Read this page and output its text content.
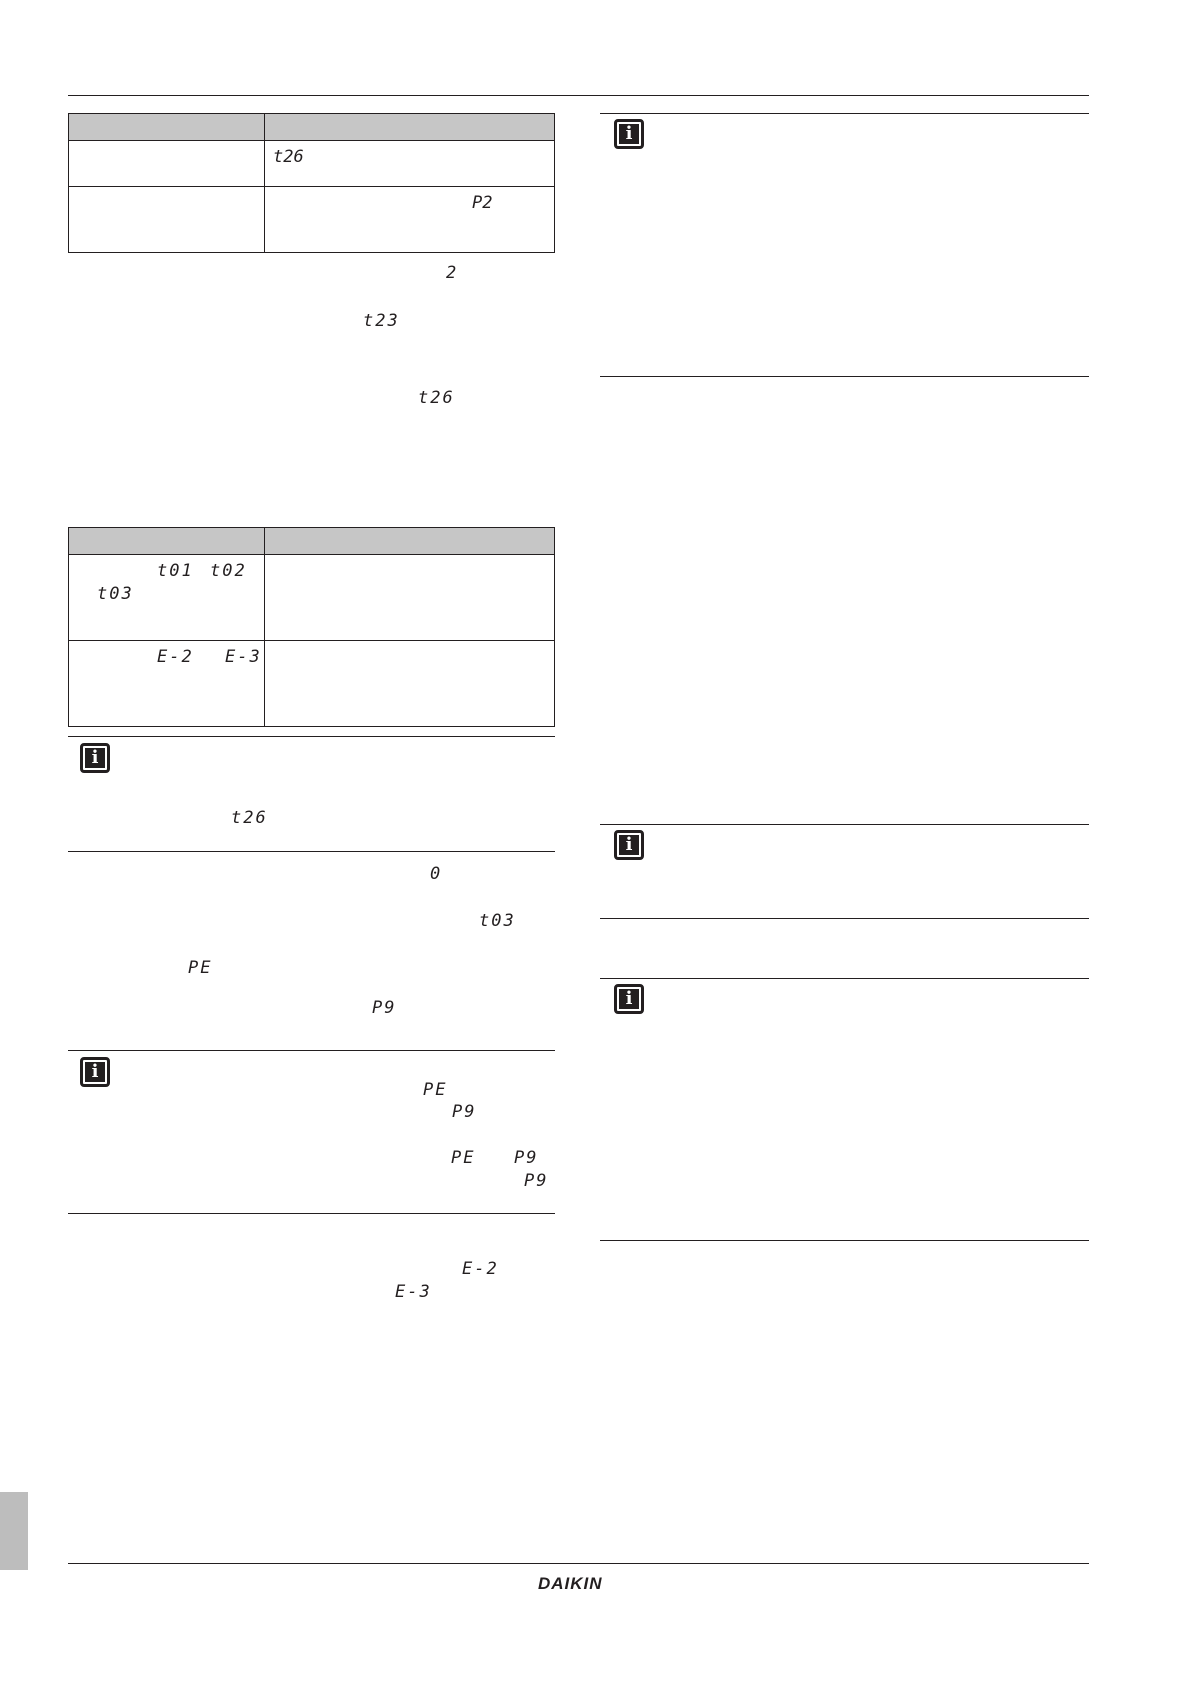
	t26
	P2
2
t23
t26

t01 t02
t03	

E-2 E-3	

i
t26
0
t03
PE
P9
i
PE
P9
PE P9
P9
E-2
E-3
i
i
i
DAIKIN
